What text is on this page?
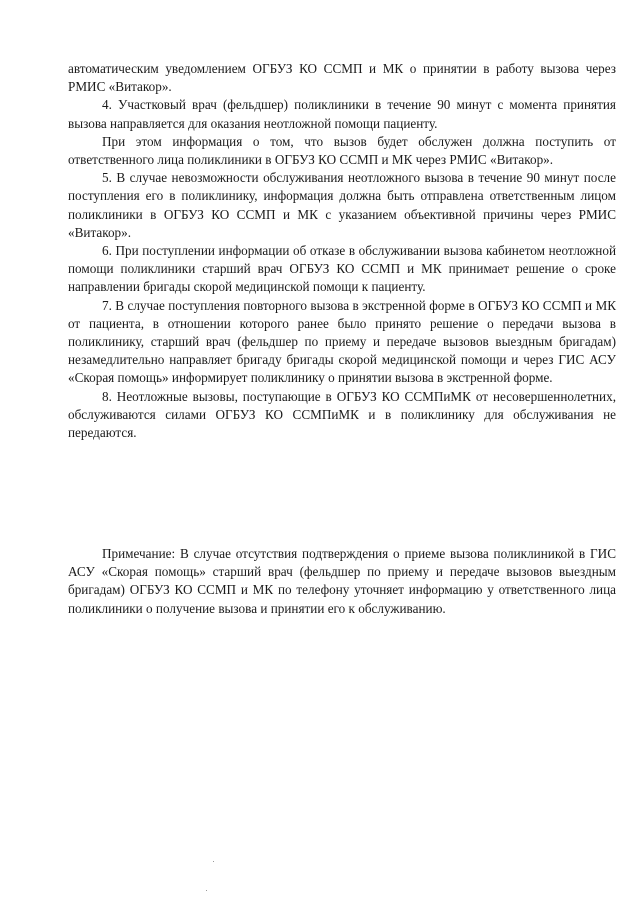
автоматическим уведомлением ОГБУЗ КО ССМП и МК о принятии в работу вызова через РМИС «Витакор».

4. Участковый врач (фельдшер) поликлиники в течение 90 минут с момента принятия вызова направляется для оказания неотложной помощи пациенту.

При этом информация о том, что вызов будет обслужен должна поступить от ответственного лица поликлиники в ОГБУЗ КО ССМП и МК через РМИС «Витакор».

5. В случае невозможности обслуживания неотложного вызова в течение 90 минут после поступления его в поликлинику, информация должна быть отправлена ответственным лицом поликлиники в ОГБУЗ КО ССМП и МК с указанием объективной причины через РМИС «Витакор».

6. При поступлении информации об отказе в обслуживании вызова кабинетом неотложной помощи поликлиники старший врач ОГБУЗ КО ССМП и МК принимает решение о сроке направлении бригады скорой медицинской помощи к пациенту.

7. В случае поступления повторного вызова в экстренной форме в ОГБУЗ КО ССМП и МК от пациента, в отношении которого ранее было принято решение о передачи вызова в поликлинику, старший врач (фельдшер по приему и передаче вызовов выездным бригадам) незамедлительно направляет бригаду бригады скорой медицинской помощи и через ГИС АСУ «Скорая помощь» информирует поликлинику о принятии вызова в экстренной форме.

8. Неотложные вызовы, поступающие в ОГБУЗ КО ССМПиМК от несовершеннолетних, обслуживаются силами ОГБУЗ КО ССМПиМК и в поликлинику для обслуживания не передаются.

Примечание: В случае отсутствия подтверждения о приеме вызова поликлиникой в ГИС АСУ «Скорая помощь» старший врач (фельдшер по приему и передаче вызовов выездным бригадам) ОГБУЗ КО ССМП и МК по телефону уточняет информацию у ответственного лица поликлиники о получение вызова и принятии его к обслуживанию.
